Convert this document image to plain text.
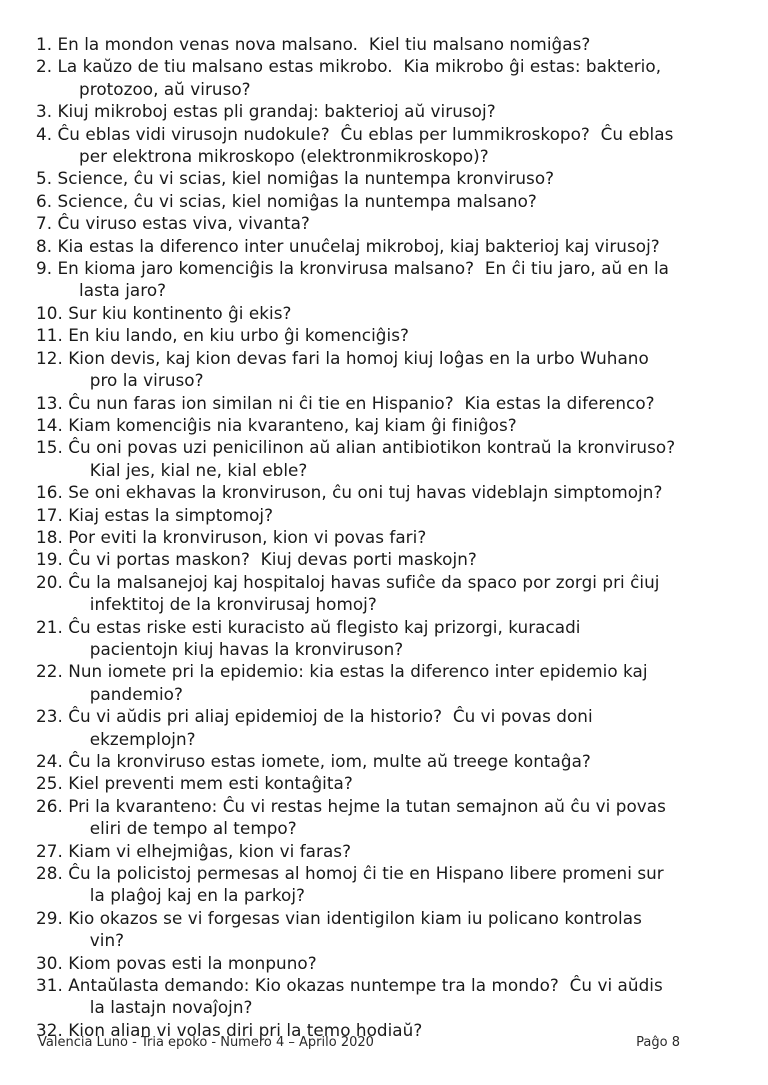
1. En la mondon venas nova malsano.  Kiel tiu malsano nomiĝas?
2. La kaŭzo de tiu malsano estas mikrobo.  Kia mikrobo ĝi estas: bakterio,
protozoo, aŭ viruso?
3. Kiuj mikroboj estas pli grandaj: bakterioj aŭ virusoj?
4. Ĉu eblas vidi virusojn nudokule?  Ĉu eblas per lummikroskopo?  Ĉu eblas
per elektrona mikroskopo (elektronmikroskopo)?
5. Science, ĉu vi scias, kiel nomiĝas la nuntempa kronviruso?
6. Science, ĉu vi scias, kiel nomiĝas la nuntempa malsano?
7. Ĉu viruso estas viva, vivanta?
8. Kia estas la diferenco inter unuĉelaj mikroboj, kiaj bakterioj kaj virusoj?
9. En kioma jaro komenciĝis la kronvirusa malsano?  En ĉi tiu jaro, aŭ en la
lasta jaro?
10. Sur kiu kontinento ĝi ekis?
11. En kiu lando, en kiu urbo ĝi komenciĝis?
12. Kion devis, kaj kion devas fari la homoj kiuj loĝas en la urbo Wuhano
pro la viruso?
13. Ĉu nun faras ion similan ni ĉi tie en Hispanio?  Kia estas la diferenco?
14. Kiam komenciĝis nia kvaranteno, kaj kiam ĝi finiĝos?
15. Ĉu oni povas uzi penicilinon aŭ alian antibiotikon kontraŭ la kronviruso?
Kial jes, kial ne, kial eble?
16. Se oni ekhavas la kronviruson, ĉu oni tuj havas videblajn simptomojn?
17. Kiaj estas la simptomoj?
18. Por eviti la kronviruson, kion vi povas fari?
19. Ĉu vi portas maskon?  Kiuj devas porti maskojn?
20. Ĉu la malsanejoj kaj hospitaloj havas sufiĉe da spaco por zorgi pri ĉiuj
infektitoj de la kronvirusaj homoj?
21. Ĉu estas riske esti kuracisto aŭ flegisto kaj prizorgi, kuracadi
pacientojn kiuj havas la kronviruson?
22. Nun iomete pri la epidemio: kia estas la diferenco inter epidemio kaj
pandemio?
23. Ĉu vi aŭdis pri aliaj epidemioj de la historio?  Ĉu vi povas doni
ekzemplojn?
24. Ĉu la kronviruso estas iomete, iom, multe aŭ treege kontaĝa?
25. Kiel preventi mem esti kontaĝita?
26. Pri la kvaranteno: Ĉu vi restas hejme la tutan semajnon aŭ ĉu vi povas
eliri de tempo al tempo?
27. Kiam vi elhejmiĝas, kion vi faras?
28. Ĉu la policistoj permesas al homoj ĉi tie en Hispano libere promeni sur
la plaĝoj kaj en la parkoj?
29. Kio okazos se vi forgesas vian identigilon kiam iu policano kontrolas
vin?
30. Kiom povas esti la monpuno?
31. Antaŭlasta demando: Kio okazas nuntempe tra la mondo?  Ĉu vi aŭdis
la lastajn novaĵojn?
32. Kion alian vi volas diri pri la temo hodiaŭ?
Valencia Luno - Tria epoko - Numero 4 – Aprilo 2020	Paĝo 8
